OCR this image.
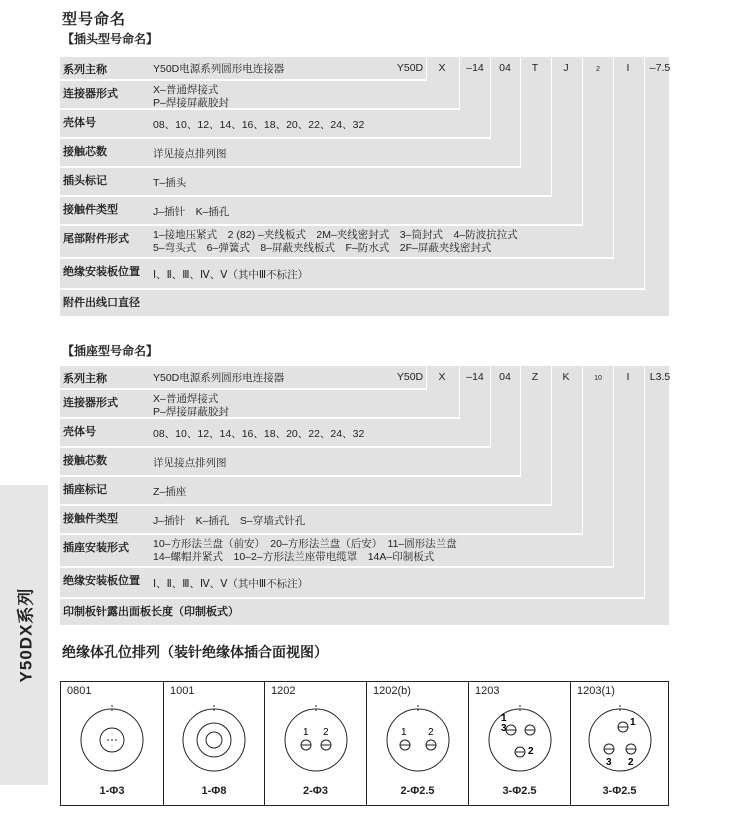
型号命名
【插头型号命名】
系列主称	Y50D电源系列圆形电连接器
连接器形式	X–普通焊接式
P–焊接屏蔽胶封
壳体号	08、10、12、14、16、18、20、22、24、32
接触芯数	详见接点排列图
插头标记	T–插头
接触件类型	J–插针　K–插孔
尾部附件形式 1–接地压紧式　2 (82) –夹线板式　2M–夹线密封式　3–筒封式　4–防波抗拉式
5–弯头式　6–弹簧式　8–屏蔽夹线板式　F–防水式　2F–屏蔽夹线密封式
绝缘安装板位置 Ⅰ、Ⅱ、Ⅲ、Ⅳ、Ⅴ（其中Ⅲ不标注）
附件出线口直径
Y50D	X	–14	04	T	J	2	I	–7.5
【插座型号命名】
系列主称	Y50D电源系列圆形电连接器
连接器形式	X–普通焊接式
P–焊接屏蔽胶封
壳体号	08、10、12、14、16、18、20、22、24、32
接触芯数	详见接点排列图
插座标记	Z–插座
接触件类型	J–插针　K–插孔　S–穿墙式针孔
插座安装形式 10–方形法兰盘（前安）　20–方形法兰盘（后安）　11–圆形法兰盘
14–螺帽并紧式　10–2–方形法兰座带电缆罩　14A–印制板式
绝缘安装板位置 Ⅰ、Ⅱ、Ⅲ、Ⅳ、Ⅴ（其中Ⅲ不标注）
印制板针露出面板长度（印制板式）
Y50D	X	–14	04	Z	K	10	I	L3.5
Y50DX系列 绝缘体孔位排列（装针绝缘体插合面视图）
0801
1-Φ3
1001
1-Φ8
1202
1 2
2-Φ3
1202(b)
1 2
2-Φ2.5
1203
1
2
3
3-Φ2.5
1203(1)
1
2
3
3-Φ2.5
